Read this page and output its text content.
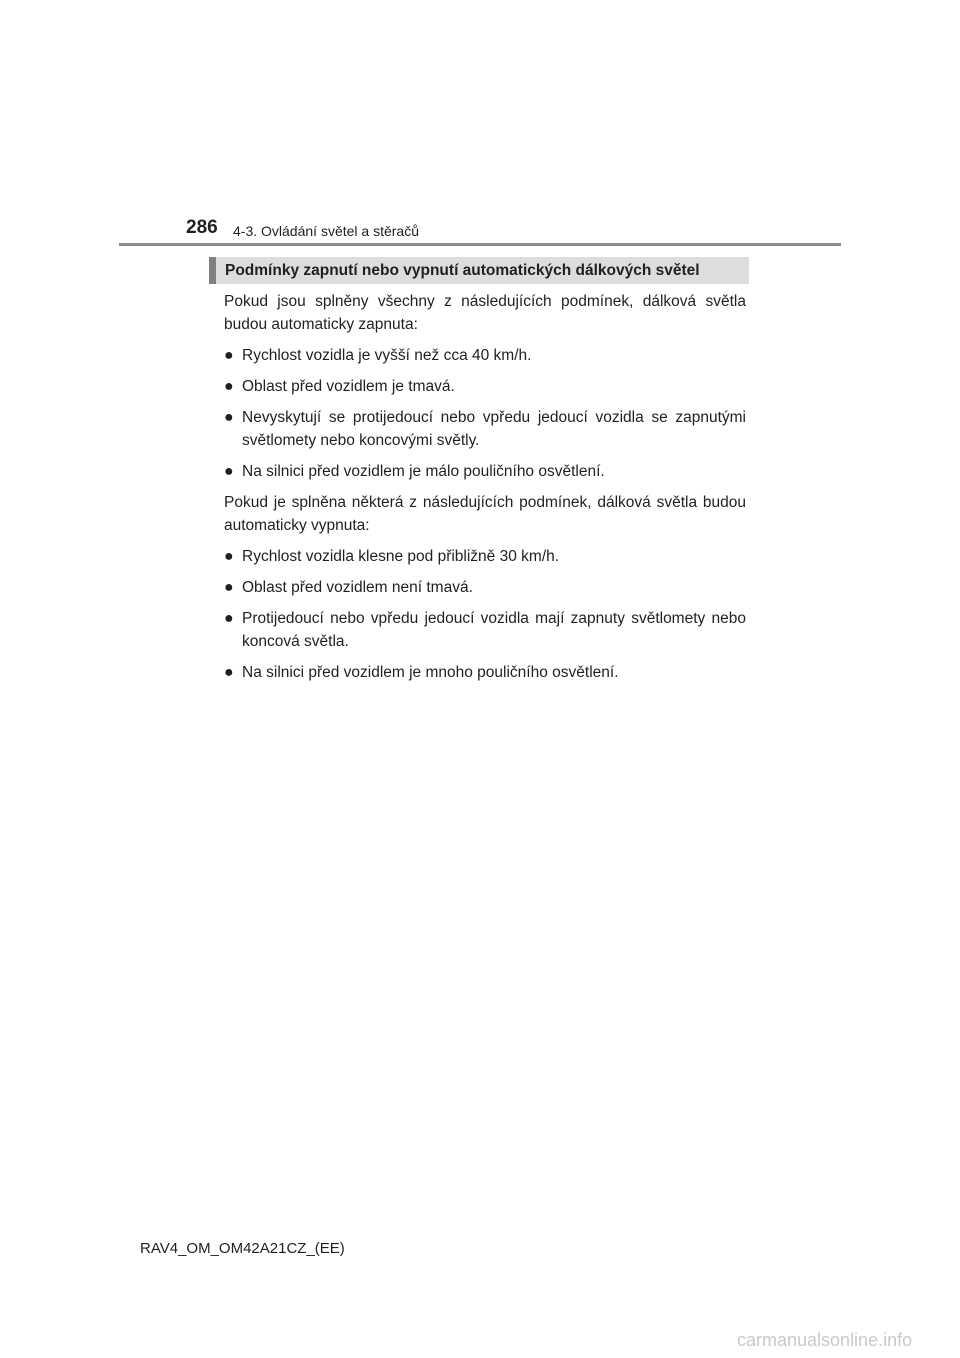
286 4-3. Ovládání světel a stěračů
Podmínky zapnutí nebo vypnutí automatických dálkových světel

Pokud jsou splněny všechny z následujících podmínek, dálková světla budou automaticky zapnuta:

● Rychlost vozidla je vyšší než cca 40 km/h.
● Oblast před vozidlem je tmavá.
● Nevyskytují se protijedoucí nebo vpředu jedoucí vozidla se zapnutými světlomety nebo koncovými světly.
● Na silnici před vozidlem je málo pouličního osvětlení.

Pokud je splněna některá z následujících podmínek, dálková světla budou automaticky vypnuta:

● Rychlost vozidla klesne pod přibližně 30 km/h.
● Oblast před vozidlem není tmavá.
● Protijedoucí nebo vpředu jedoucí vozidla mají zapnuty světlomety nebo koncová světla.
● Na silnici před vozidlem je mnoho pouličního osvětlení.
RAV4_OM_OM42A21CZ_(EE)
carmanualsonline.info
